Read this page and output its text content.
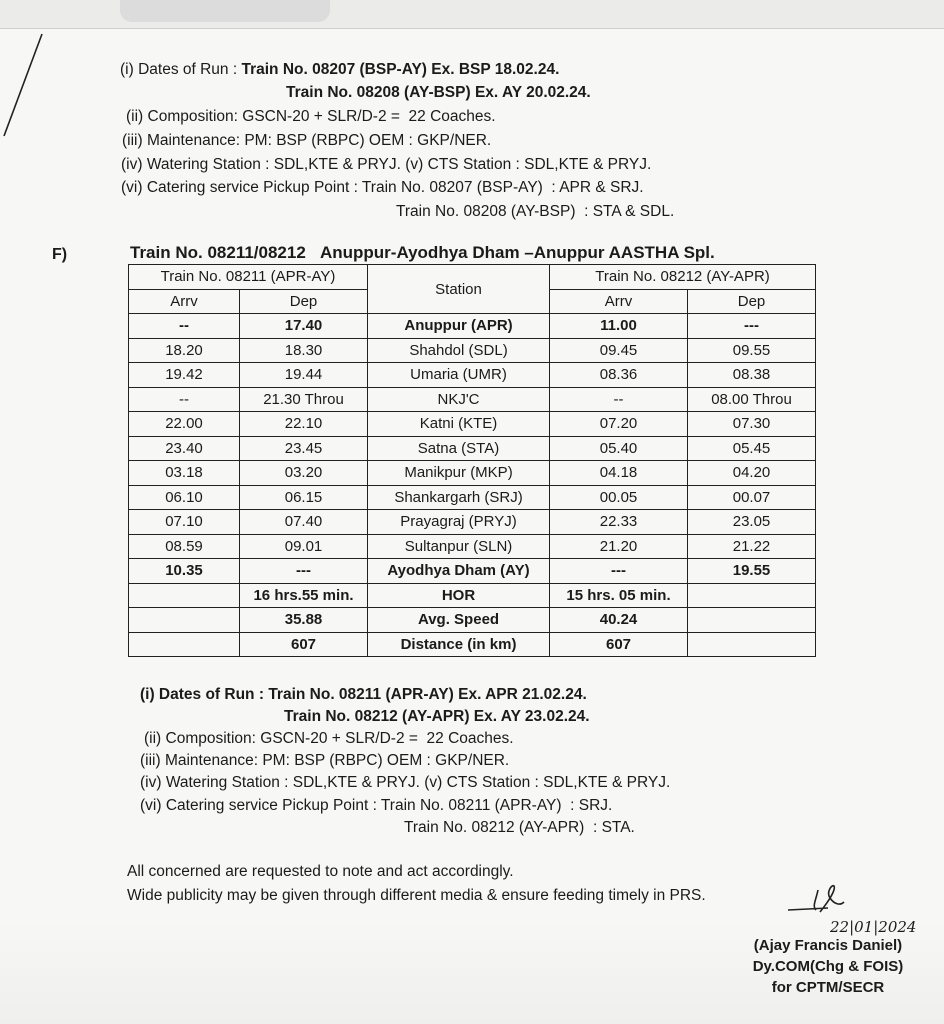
(i) Dates of Run : Train No. 08207 (BSP-AY) Ex. BSP 18.02.24.
Train No. 08208 (AY-BSP) Ex. AY 20.02.24.
(ii) Composition: GSCN-20 + SLR/D-2 =  22 Coaches.
(iii) Maintenance: PM: BSP (RBPC) OEM : GKP/NER.
(iv) Watering Station : SDL,KTE & PRYJ. (v) CTS Station : SDL,KTE & PRYJ.
(vi) Catering service Pickup Point : Train No. 08207 (BSP-AY)  : APR & SRJ.
Train No. 08208 (AY-BSP)  : STA & SDL.
F)	Train No. 08211/08212 Anuppur-Ayodhya Dham –Anuppur AASTHA Spl.
Train No. 08211 (APR-AY)		Station	Train No. 08212 (AY-APR)	
Arrv	Dep		Arrv	Dep
--	17.40	Anuppur (APR)	11.00	---
18.20	18.30	Shahdol (SDL)	09.45	09.55
19.42	19.44	Umaria (UMR)	08.36	08.38
--	21.30 Throu	NKJ'C	--	08.00 Throu
22.00	22.10	Katni (KTE)	07.20	07.30
23.40	23.45	Satna (STA)	05.40	05.45
03.18	03.20	Manikpur (MKP)	04.18	04.20
06.10	06.15	Shankargarh (SRJ)	00.05	00.07
07.10	07.40	Prayagraj (PRYJ)	22.33	23.05
08.59	09.01	Sultanpur (SLN)	21.20	21.22
10.35	---	Ayodhya Dham (AY)	---	19.55
	16 hrs.55 min.	HOR	15 hrs. 05 min.	
	35.88	Avg. Speed	40.24	
	607	Distance (in km)	607	
(i) Dates of Run : Train No. 08211 (APR-AY) Ex. APR 21.02.24.
Train No. 08212 (AY-APR) Ex. AY 23.02.24.
(ii) Composition: GSCN-20 + SLR/D-2 =  22 Coaches.
(iii) Maintenance: PM: BSP (RBPC) OEM : GKP/NER.
(iv) Watering Station : SDL,KTE & PRYJ. (v) CTS Station : SDL,KTE & PRYJ.
(vi) Catering service Pickup Point : Train No. 08211 (APR-AY)  : SRJ.
Train No. 08212 (AY-APR)  : STA.
All concerned are requested to note and act accordingly.
Wide publicity may be given through different media & ensure feeding timely in PRS.
22|01|2024
(Ajay Francis Daniel)
Dy.COM(Chg & FOIS)
for CPTM/SECR
